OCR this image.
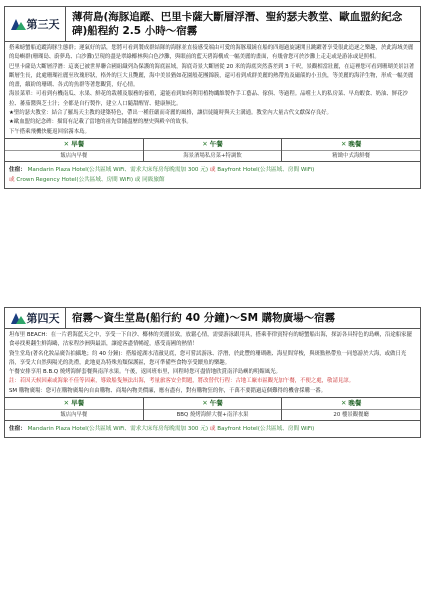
第三天
薄荷島(海豚追蹤、巴里卡薩大斷層浮潛、聖約瑟夫教堂、歐血盟約紀念碑)船程約 2.5 小時～宿霧

搭乘螃蟹船追蹤海豚生態群；運氣好的話，您將可看到製成群結隊的海豚並直接感受端由可愛的海豚環繞在船的四週過旋謎開且跳躍著享受很此追逐之樂趣，於此海域美麗的島嶼群(珊瑚島、蔚夢島、白沙灘)呈現的盡是翠綠椰林與白色沙灘，與眼前的藍天碧海構成一幅美麗的畫面，有幾會您可於沙灘上走走或是游泳或是照相。

巴里卡薩島大斷層浮潛：這裏已被世界聯合國組織列為保護的海底區域，海底奇景大斷層從 20 米的海底突然落差到 3 千呎，景觀相當壯麗，在這裡您可看到珊瑚美景註著斷層生長，此處珊瑚社麗至玫瑰形狀，格外的巨大且艷麗，海中美景猶如花園般花團錦簇，還可看到成群美麗的熱帶魚及磁燄的小丑魚，等美麗的海洋生物，形成一幅美麗的畫，繽紛的珊瑚、各式的魚群等著您觀賞，好心情。

海景菜單：可看到有機南瓜、水果、鮮花的栽種及服務的養殖，還能看到如何利用植物纖維製作手工藝品、傢俱、等過程。品嚐土人的私房菜、早鳥蝦食、奶油、鮮花沙拉、蕃茄醬與芝士汁；全都是自行製作，建立人口隨甜醒胃、健康無比。

★聖約瑟夫教堂：結合了羅馬天主教的建築特色，帶出一種莊嚴而奇麗的風格，讓信徒隨時與天主溝通。教堂內大量古代文獻保存良好。

★歐血盟約紀念碑：描寫有記載了當地的祖先常鋪盡歷的歷史與殿辛的故事。

下午搭乘飛機快艇返回宿霧本島。

✕ 早餐
飯店內早餐
✕ 午餐
海景酒場私房菜+特調飲
✕ 晚餐
精緻中式海鮮餐
住宿： Mandarin Plaza Hotel(公共區域 WiFi、需求大床每房每晚需加 300 元) 或 Bayfront Hotel(公共區域、房間 WiFi)
或 Crown Regency Hotel(公共區域、房間 WiFi) 或 同級旅館
第四天	宿霧～資生堂島(船行約 40 分鐘)～SM 購物廣場～宿霧

坦布里 BEACH：在一片碧海藍天之中，享受一下自沙、椰林的美麗景致，放鬆心情，需要游泳跟用具，搭乘菲律賓特有的螃蟹船出海，探訪各具特色的島嶼，沿途船家擺食尋找奧翻生鮮海鷗，沽家程沙洲與最語，讓遊客盡情暢遊，感受南國的熱情！

資生堂島(著名化妝品廣告拍攝地；約 40 分鐘)：搭船遊湖水清澈見底，您可嘗試游泳、浮潛，於此豐的珊瑚礁、海星間穿梭，與斑點熱帶魚一同悠游於大海，或做日光浴，享受大自然與陽光的洗禮，此地更為特殊魚類保護區，您可準備些食物享受餵魚的樂趣。

午餐安排享用 B.B.Q 燒烤海鮮套餐與南洋水果。午後，返回班布里，回程時您可盡情地欣賞南洋島嶼的明媚風光。

註：若因天候因素或海象不佳等因素，導致船隻無法出海，考量旅客安全問題，將改替代行程：古地工廠市區觀光加午餐，不便之處，敬請見諒。

SM 購物廣場：您可在購物廣場內自由購物、商場內物美價廉，應有盡有，對有購物狂的你，千萬不要錯過這個難得的機會採購一番。

✕ 早餐
飯店內早餐
✕ 午餐
BBQ 燒烤海鮮大餐+南洋水果
✕ 晚餐
20 樓景觀餐廳
住宿： Mandarin Plaza Hotel(公共區域 WiFi、需求大床每房每晚需加 300 元) 或 Bayfront Hotel(公共區域、房間 WiFi)
